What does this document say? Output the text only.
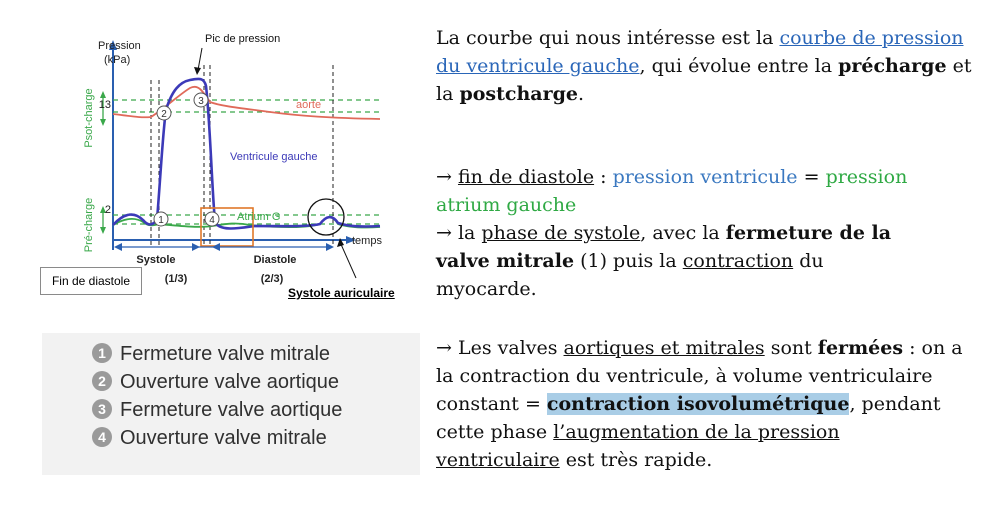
1
2
3
4
Pression
(kPa)
Pic de pression
Psot-charge
Pré-charge
13
2
aorte
Ventricule gauche
Atrium G
temps
Systole
(1/3)
Diastole
(2/3)
Fin de diastole
Systole auriculaire
1 Fermeture valve mitrale
2 Ouverture valve aortique
3 Fermeture valve aortique
4 Ouverture valve mitrale
La courbe qui nous intéresse est la courbe de pression du ventricule gauche, qui évolue entre la précharge et la postcharge.
→ fin de diastole : pression ventricule = pression atrium gauche
→ la phase de systole, avec la fermeture de la valve mitrale (1) puis la contraction du myocarde.
→ Les valves aortiques et mitrales sont fermées : on a la contraction du ventricule, à volume ventriculaire constant = contraction isovolumétrique, pendant cette phase l’augmentation de la pression ventriculaire est très rapide.
